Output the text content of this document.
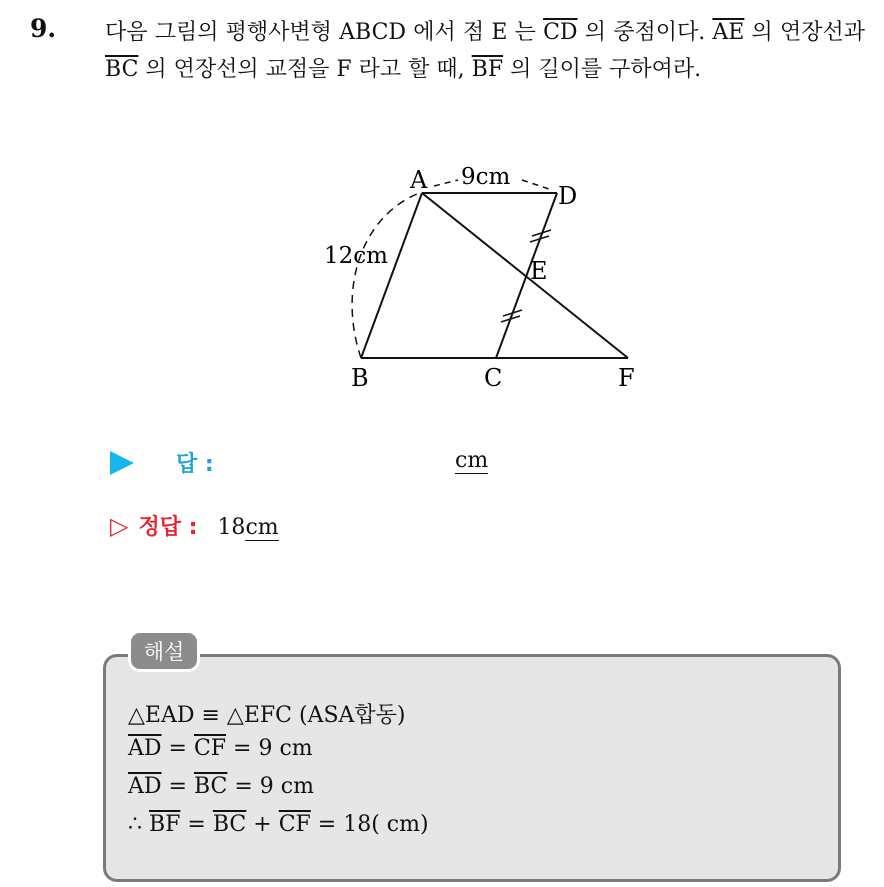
9. 다음 그림의 평행사변형 ABCD 에서 점 E 는 $\overline{CD}$ 의 중점이다. $\overline{AE}$ 의 연장선과 $\overline{BC}$ 의 연장선의 교점을 F 라고 할 때, $\overline{BF}$ 의 길이를 구하여라.
A
D
E
B	C	F
9cm
12cm
답 :	cm
▷ 정답 : 18cm
해설
△EAD ≡ △EFC (ASA합동)
$\overline{AD} = \overline{CF} = 9$ cm
$\overline{AD} = \overline{BC} = 9$ cm
∴ $\overline{BF} = \overline{BC} + \overline{CF} = 18$( cm)
